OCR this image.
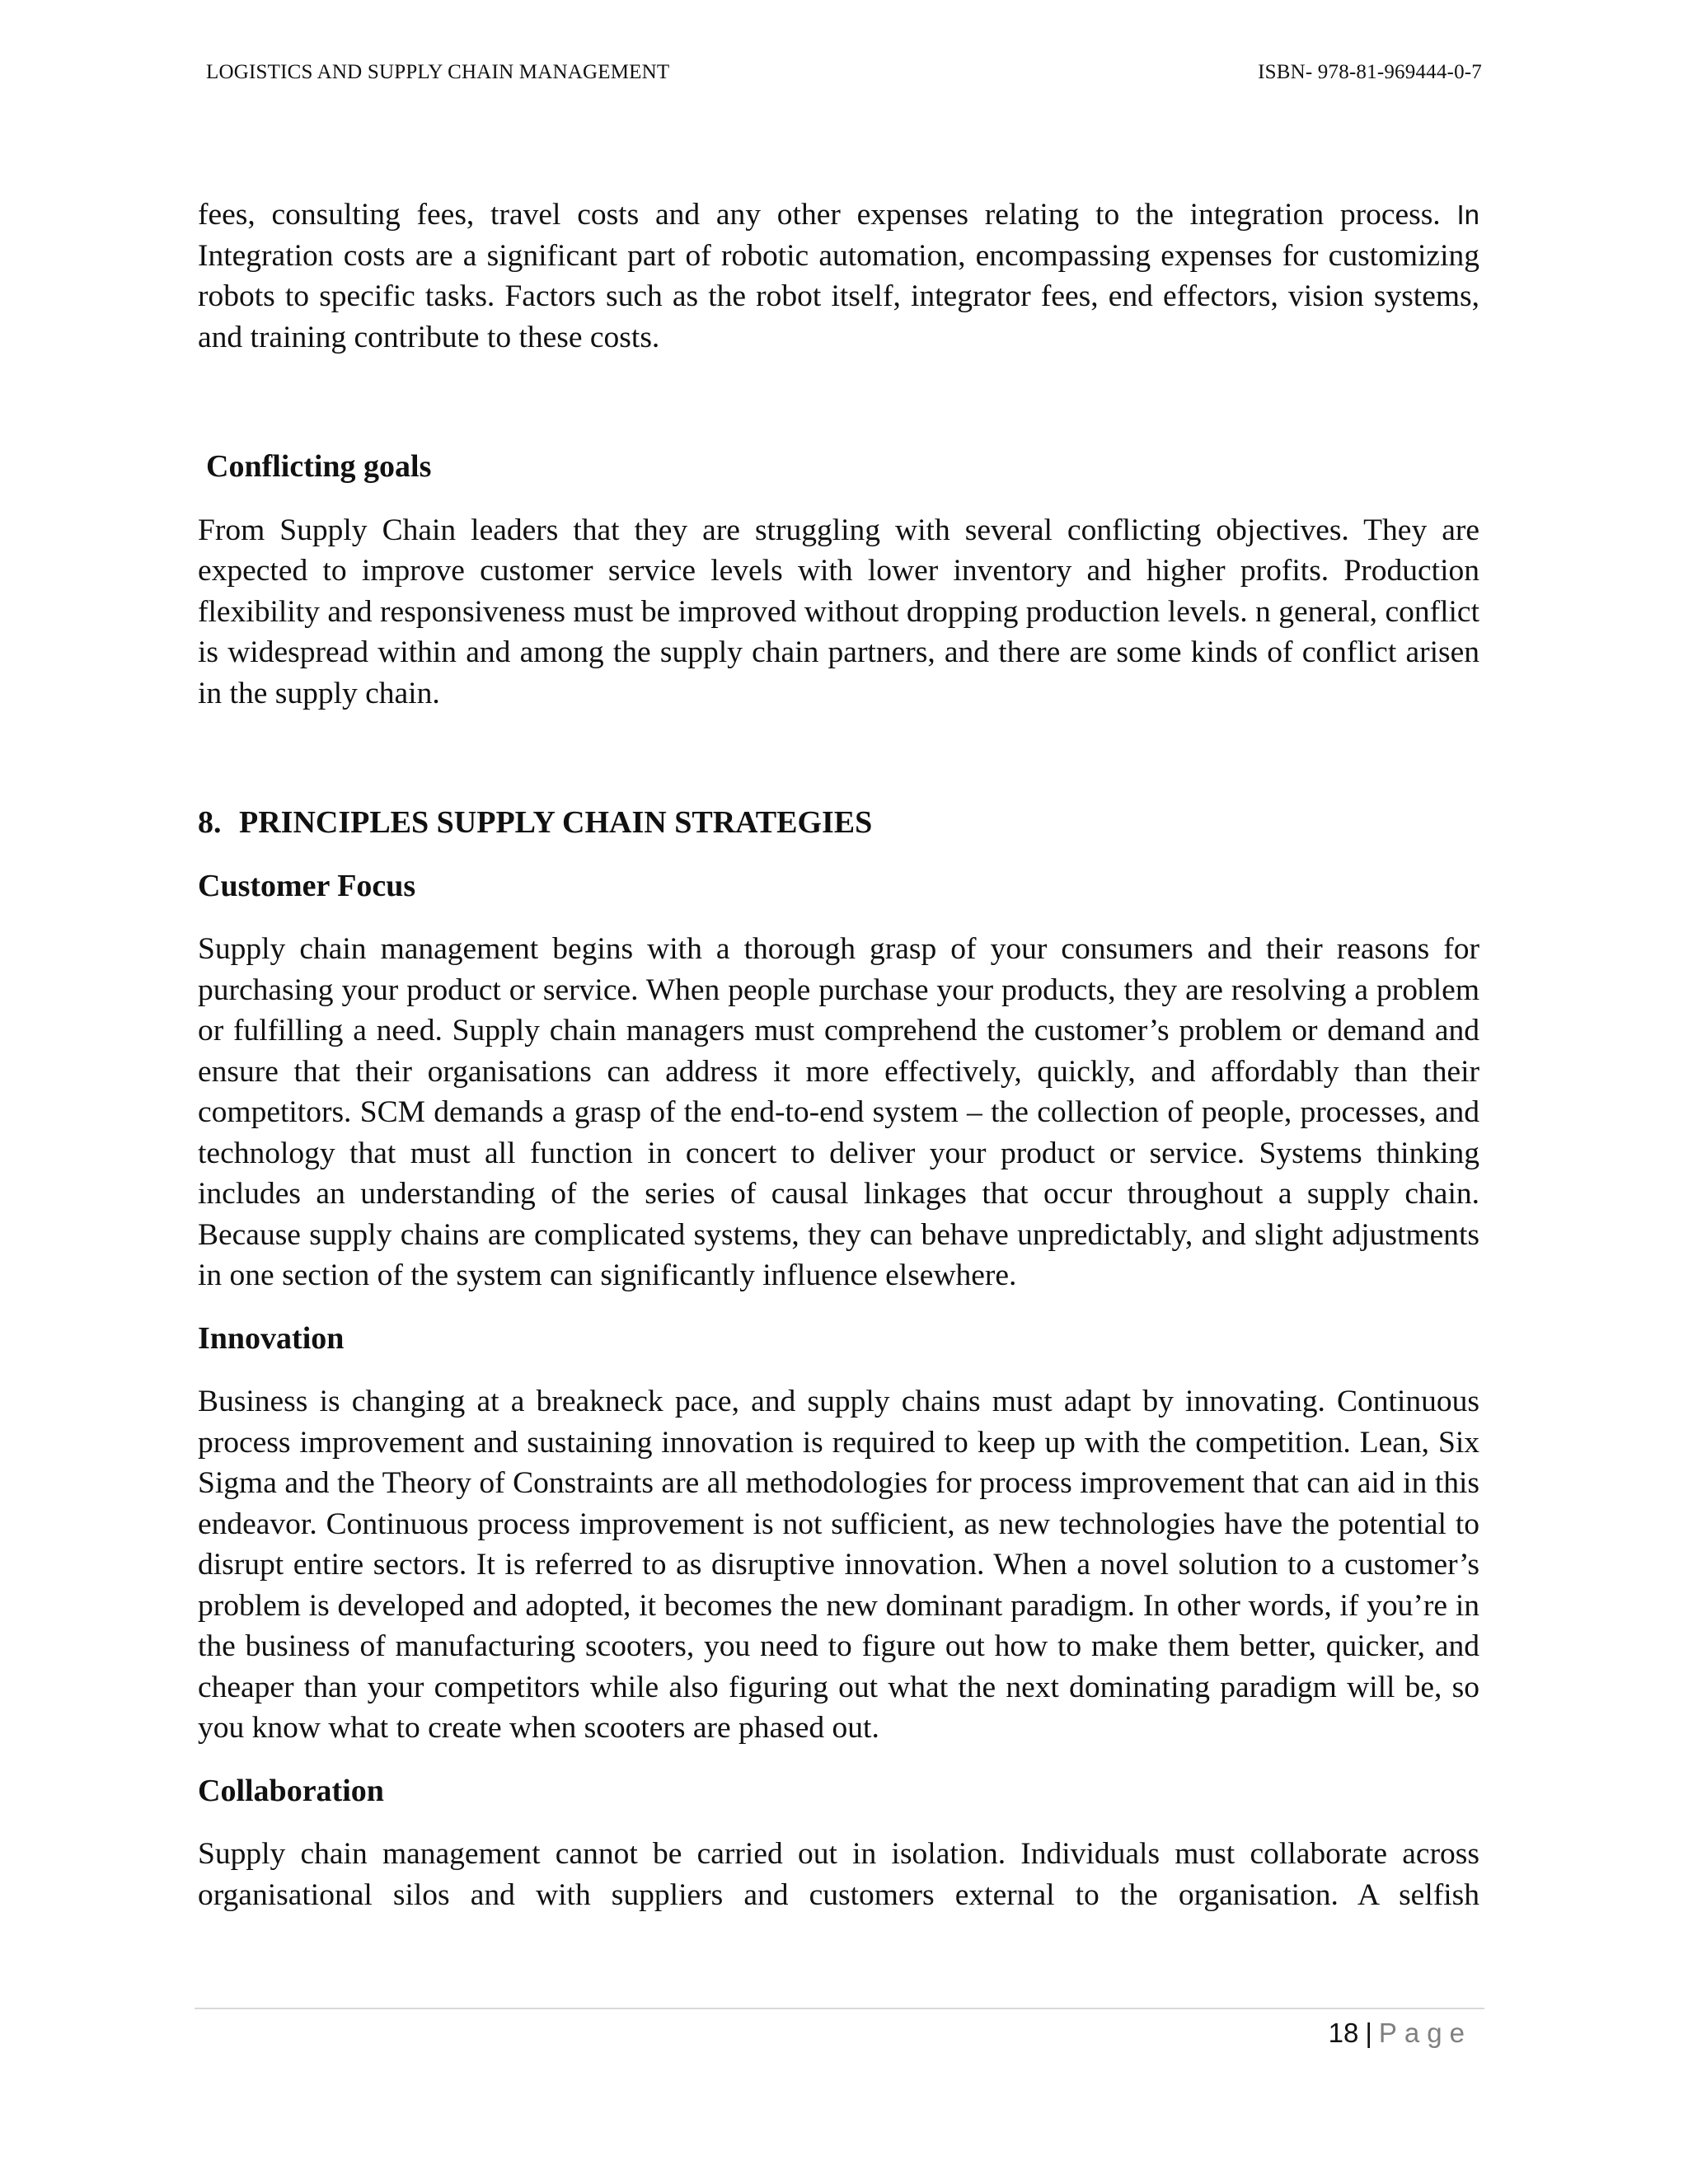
LOGISTICS AND SUPPLY CHAIN MANAGEMENT	ISBN- 978-81-969444-0-7

fees, consulting fees, travel costs and any other expenses relating to the integration process. In

Integration costs are a significant part of robotic automation, encompassing expenses for customizing robots to specific tasks. Factors such as the robot itself, integrator fees, end effectors, vision systems, and training contribute to these costs.

Conflicting goals

From Supply Chain leaders that they are struggling with several conflicting objectives. They are expected to improve customer service levels with lower inventory and higher profits. Production flexibility and responsiveness must be improved without dropping production levels. n general, conflict is widespread within and among the supply chain partners, and there are some kinds of conflict arisen in the supply chain.

8. PRINCIPLES SUPPLY CHAIN STRATEGIES
Customer Focus

Supply chain management begins with a thorough grasp of your consumers and their reasons for purchasing your product or service. When people purchase your products, they are resolving a problem or fulfilling a need. Supply chain managers must comprehend the customer’s problem or demand and ensure that their organisations can address it more effectively, quickly, and affordably than their competitors. SCM demands a grasp of the end-to-end system – the collection of people, processes, and technology that must all function in concert to deliver your product or service. Systems thinking includes an understanding of the series of causal linkages that occur throughout a supply chain. Because supply chains are complicated systems, they can behave unpredictably, and slight adjustments in one section of the system can significantly influence elsewhere.

Innovation

Business is changing at a breakneck pace, and supply chains must adapt by innovating. Continuous process improvement and sustaining innovation is required to keep up with the competition. Lean, Six Sigma and the Theory of Constraints are all methodologies for process improvement that can aid in this endeavor. Continuous process improvement is not sufficient, as new technologies have the potential to disrupt entire sectors. It is referred to as disruptive innovation. When a novel solution to a customer’s problem is developed and adopted, it becomes the new dominant paradigm. In other words, if you’re in the business of manufacturing scooters, you need to figure out how to make them better, quicker, and cheaper than your competitors while also figuring out what the next dominating paradigm will be, so you know what to create when scooters are phased out.

Collaboration

Supply chain management cannot be carried out in isolation. Individuals must collaborate across organisational silos and with suppliers and customers external to the organisation. A selfish

18 | Page
